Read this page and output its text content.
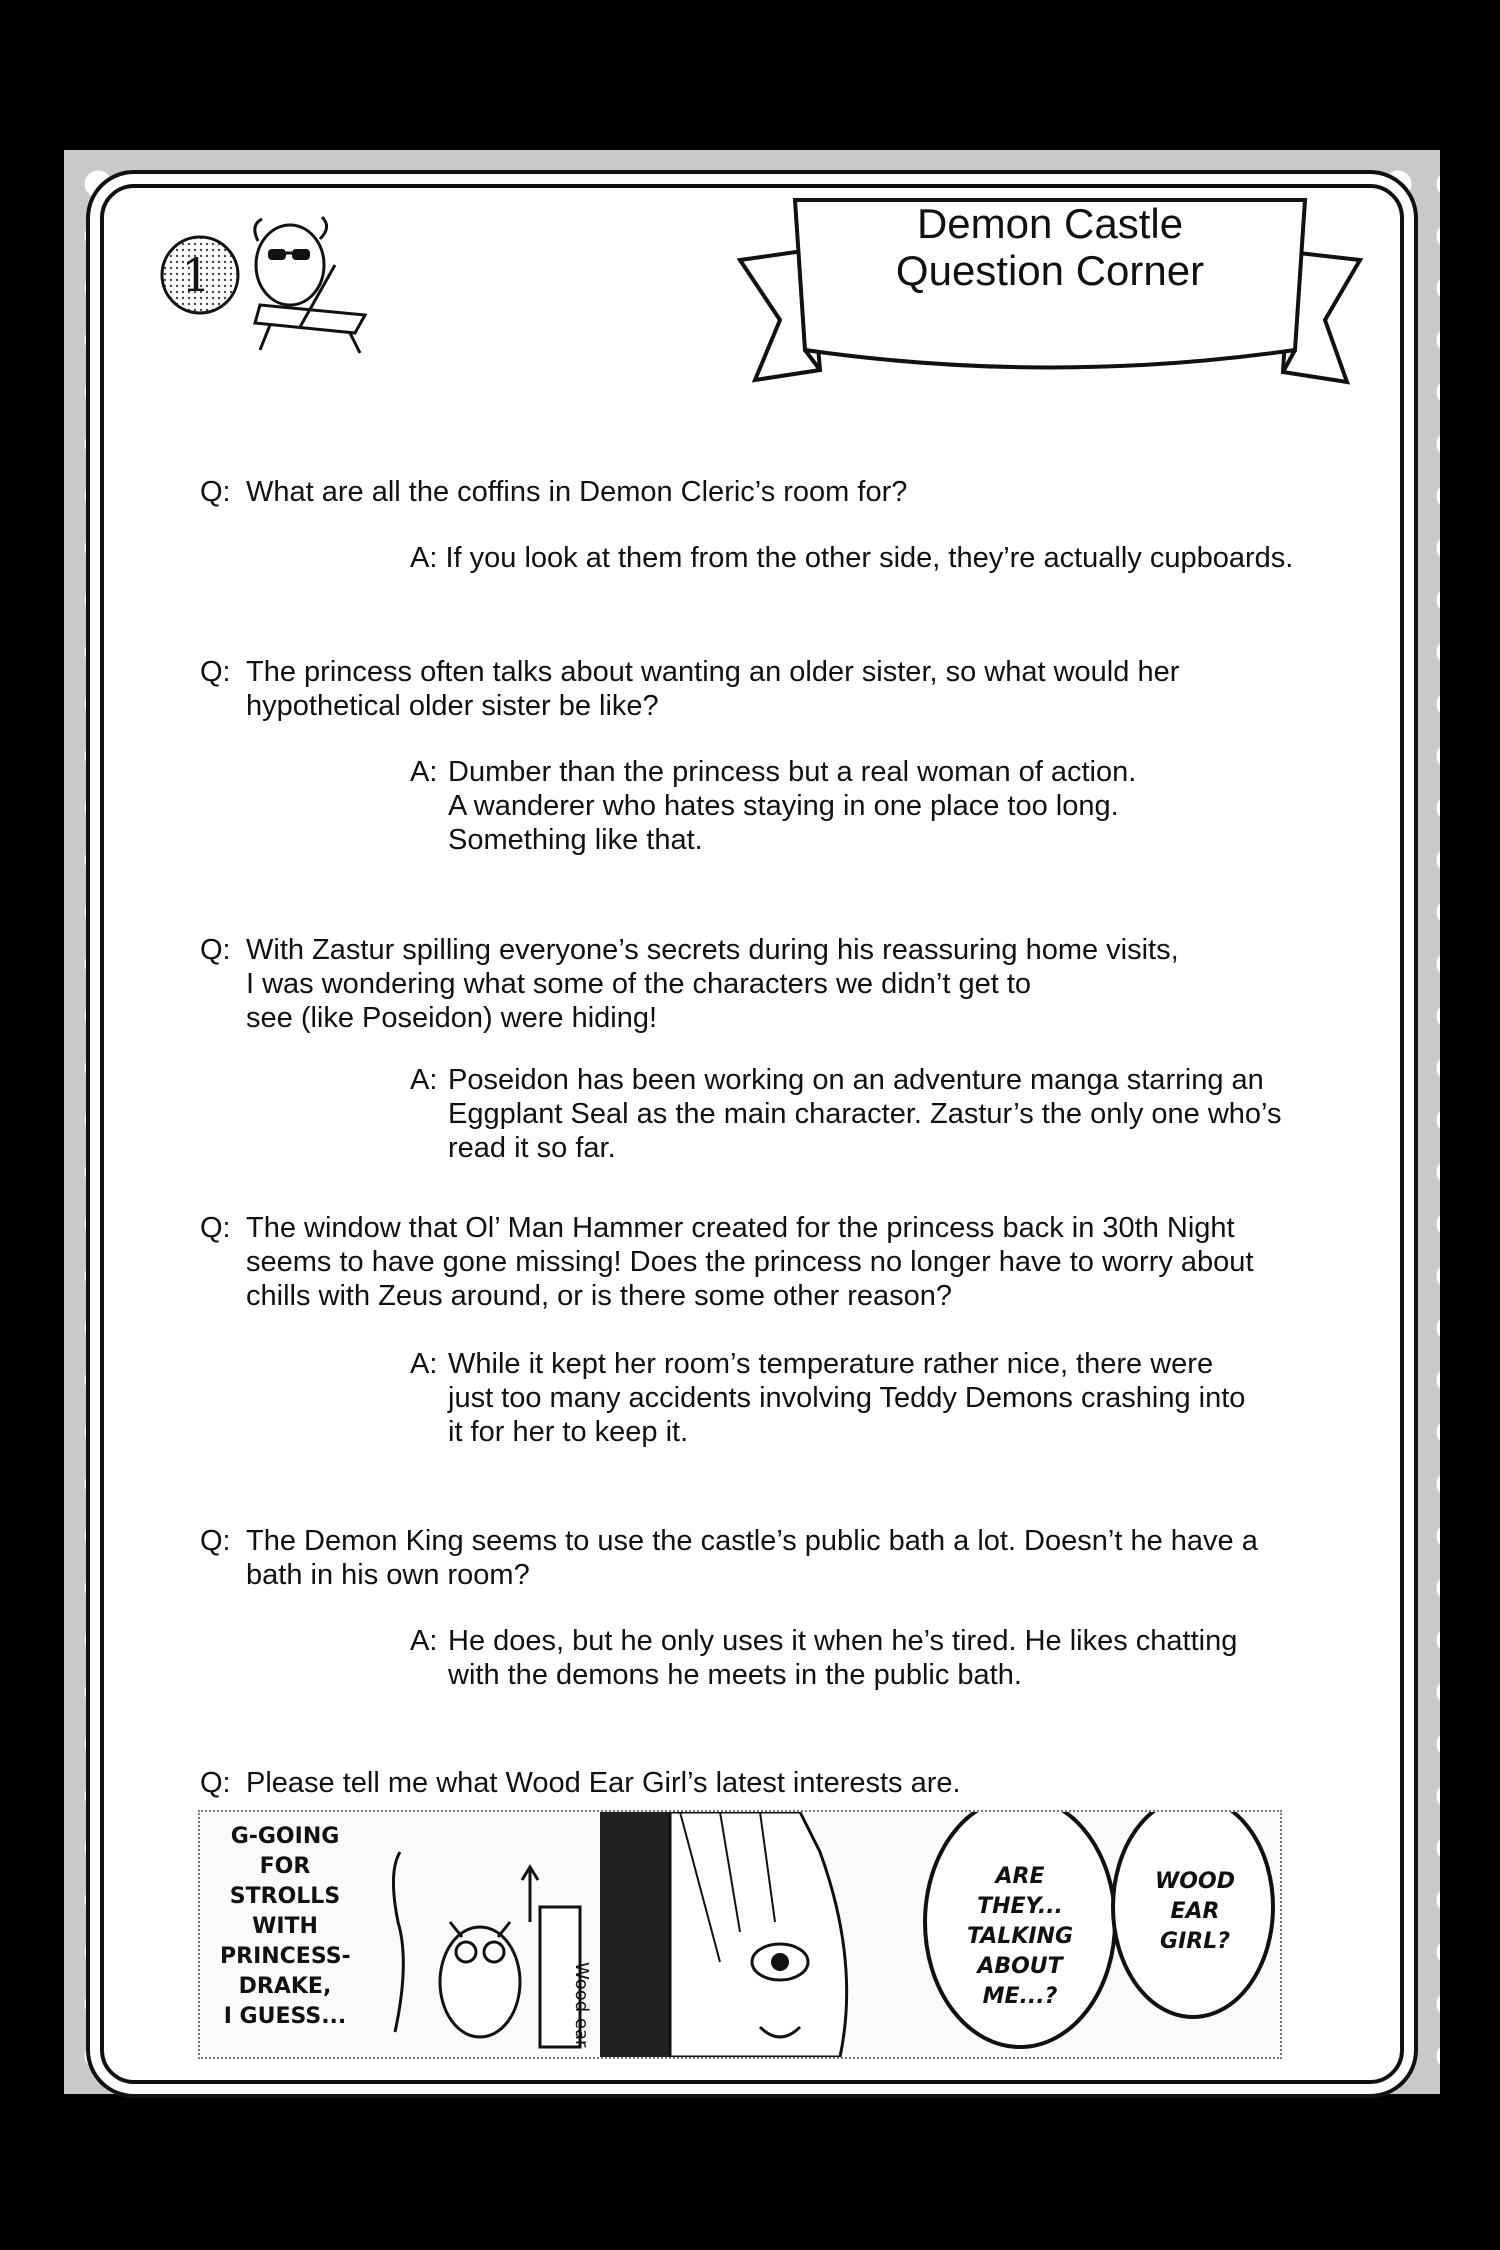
1
Demon Castle
Question Corner
Q: What are all the coffins in Demon Cleric’s room for?
A: If you look at them from the other side, they’re actually cupboards.
Q: The princess often talks about wanting an older sister, so what would her
hypothetical older sister be like?
A: Dumber than the princess but a real woman of action.
A wanderer who hates staying in one place too long.
Something like that.
Q: With Zastur spilling everyone’s secrets during his reassuring home visits,
I was wondering what some of the characters we didn’t get to
see (like Poseidon) were hiding!
A: Poseidon has been working on an adventure manga starring an
Eggplant Seal as the main character. Zastur’s the only one who’s
read it so far.
Q: The window that Ol’ Man Hammer created for the princess back in 30th Night
seems to have gone missing! Does the princess no longer have to worry about
chills with Zeus around, or is there some other reason?
A: While it kept her room’s temperature rather nice, there were
just too many accidents involving Teddy Demons crashing into
it for her to keep it.
Q: The Demon King seems to use the castle’s public bath a lot. Doesn’t he have a
bath in his own room?
A: He does, but he only uses it when he’s tired. He likes chatting
with the demons he meets in the public bath.
Q: Please tell me what Wood Ear Girl’s latest interests are.
G-GOING
FOR
STROLLS
WITH
PRINCESS-
DRAKE,
I GUESS...	Wood ear
ARE
THEY...
TALKING
ABOUT
ME...?
WOOD
EAR
GIRL?
